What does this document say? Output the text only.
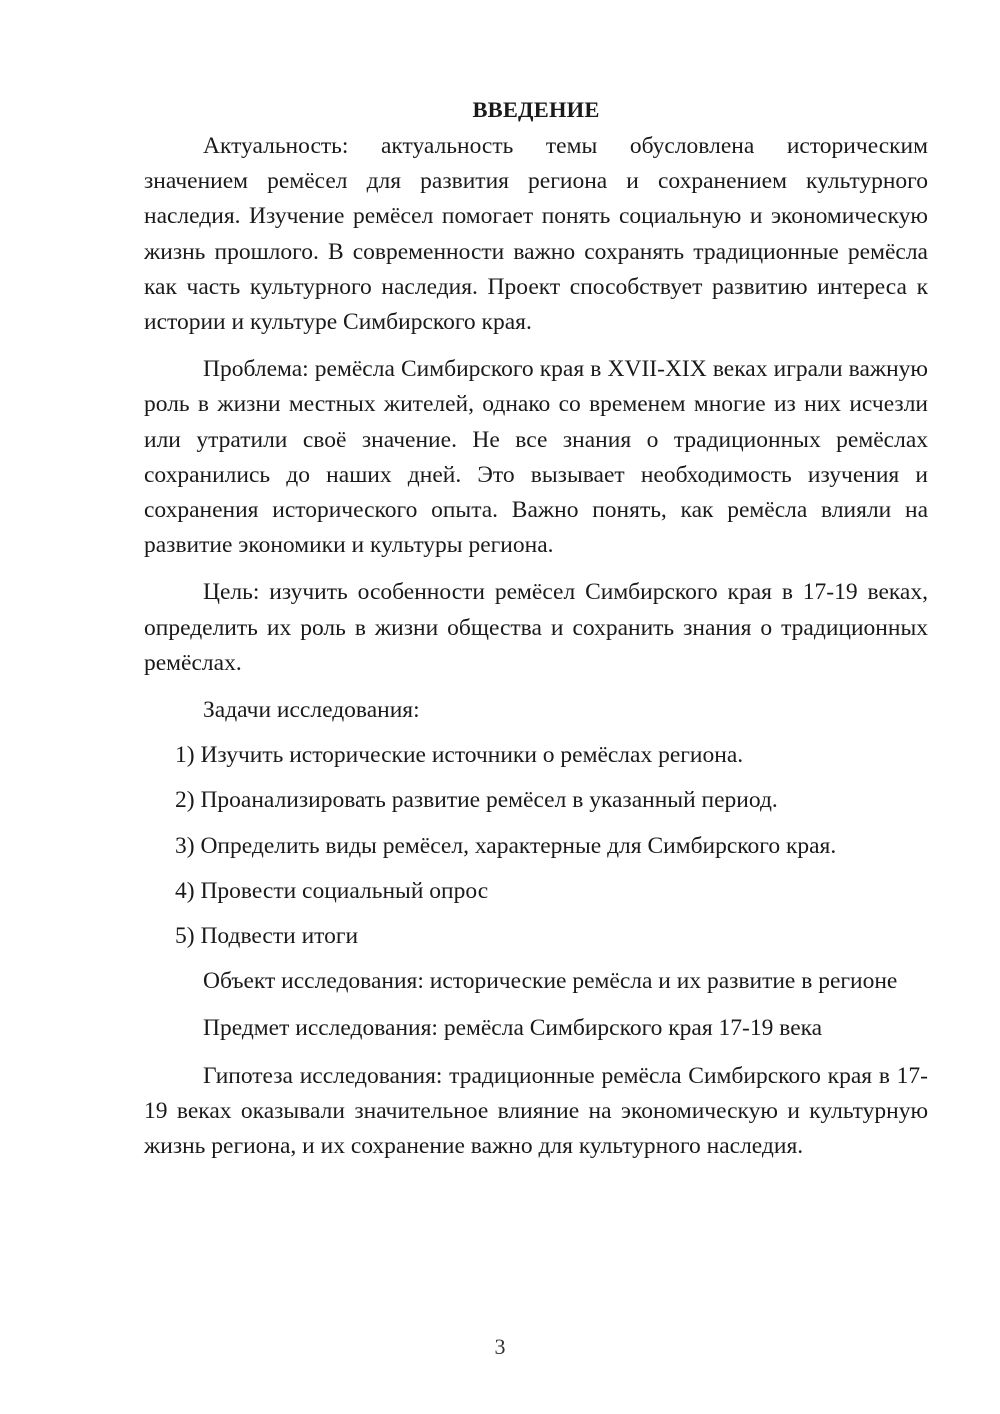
ВВЕДЕНИЕ

Актуальность: актуальность темы обусловлена историческим значением ремёсел для развития региона и сохранением культурного наследия. Изучение ремёсел помогает понять социальную и экономическую жизнь прошлого. В современности важно сохранять традиционные ремёсла как часть культурного наследия. Проект способствует развитию интереса к истории и культуре Симбирского края.

Проблема: ремёсла Симбирского края в XVII-XIX веках играли важную роль в жизни местных жителей, однако со временем многие из них исчезли или утратили своё значение. Не все знания о традиционных ремёслах сохранились до наших дней. Это вызывает необходимость изучения и сохранения исторического опыта. Важно понять, как ремёсла влияли на развитие экономики и культуры региона.

Цель: изучить особенности ремёсел Симбирского края в 17-19 веках, определить их роль в жизни общества и сохранить знания о традиционных ремёслах.

Задачи исследования:

1) Изучить исторические источники о ремёслах региона.
2) Проанализировать развитие ремёсел в указанный период.
3) Определить виды ремёсел, характерные для Симбирского края.
4) Провести социальный опрос
5) Подвести итоги

Объект исследования: исторические ремёсла и их развитие в регионе

Предмет исследования: ремёсла Симбирского края 17-19 века

Гипотеза исследования: традиционные ремёсла Симбирского края в 17-19 веках оказывали значительное влияние на экономическую и культурную жизнь региона, и их сохранение важно для культурного наследия.

3
